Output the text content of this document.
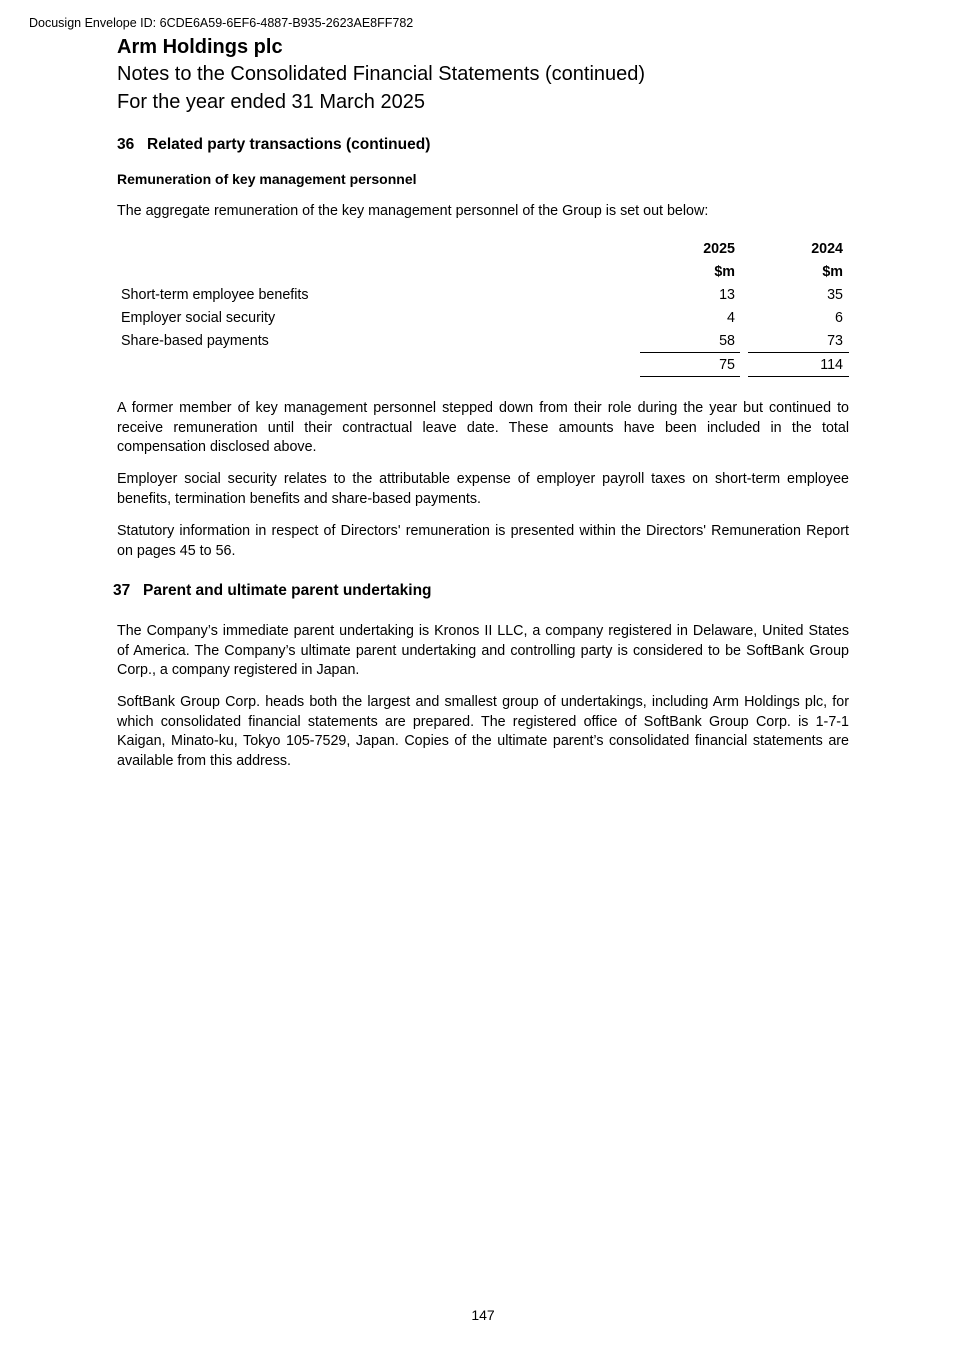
Docusign Envelope ID: 6CDE6A59-6EF6-4887-B935-2623AE8FF782
Arm Holdings plc
Notes to the Consolidated Financial Statements (continued)
For the year ended 31 March 2025
36 Related party transactions (continued)
Remuneration of key management personnel

The aggregate remuneration of the key management personnel of the Group is set out below:

	2025		2024
	$m		$m
Short-term employee benefits	13		35
Employer social security	4		6
Share-based payments	58		73
	75		114

A former member of key management personnel stepped down from their role during the year but continued to receive remuneration until their contractual leave date. These amounts have been included in the total compensation disclosed above.

Employer social security relates to the attributable expense of employer payroll taxes on short-term employee benefits, termination benefits and share-based payments.

Statutory information in respect of Directors' remuneration is presented within the Directors' Remuneration Report on pages 45 to 56.

37 Parent and ultimate parent undertaking

The Company’s immediate parent undertaking is Kronos II LLC, a company registered in Delaware, United States of America. The Company’s ultimate parent undertaking and controlling party is considered to be SoftBank Group Corp., a company registered in Japan.

SoftBank Group Corp. heads both the largest and smallest group of undertakings, including Arm Holdings plc, for which consolidated financial statements are prepared. The registered office of SoftBank Group Corp. is 1-7-1 Kaigan, Minato-ku, Tokyo 105-7529, Japan. Copies of the ultimate parent’s consolidated financial statements are available from this address.

147
